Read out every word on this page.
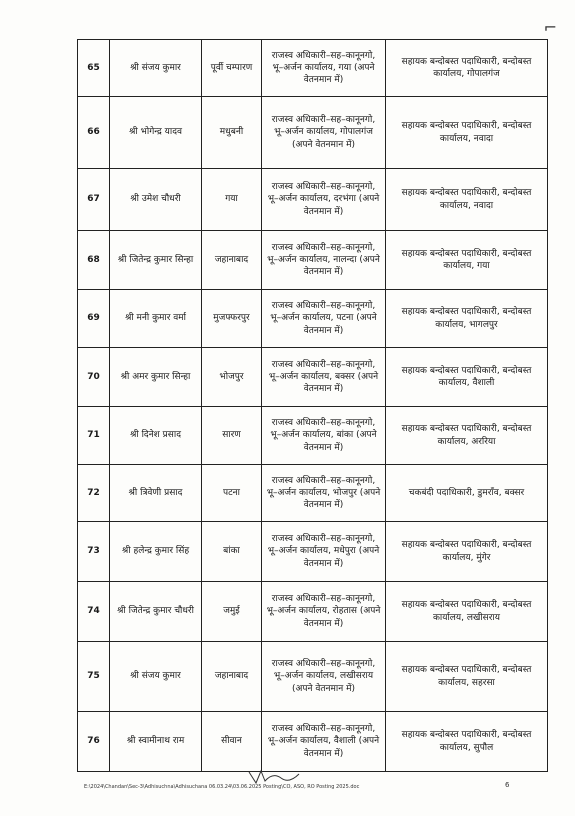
⌐
65	श्री संजय कुमार	पूर्वी चम्पारण	राजस्व अधिकारी–सह–कानूनगो, भू–अर्जन कार्यालय, गया (अपने वेतनमान में)	सहायक बन्दोबस्त पदाधिकारी, बन्दोबस्त कार्यालय, गोपालगंज
66	श्री भोगेन्द्र यादव	मधुबनी	राजस्व अधिकारी–सह–कानूनगो, भू–अर्जन कार्यालय, गोपालगंज (अपने वेतनमान में)	सहायक बन्दोबस्त पदाधिकारी, बन्दोबस्त कार्यालय, नवादा
67	श्री उमेश चौधरी	गया	राजस्व अधिकारी–सह–कानूनगो, भू–अर्जन कार्यालय, दरभंगा (अपने वेतनमान में)	सहायक बन्दोबस्त पदाधिकारी, बन्दोबस्त कार्यालय, नवादा
68	श्री जितेन्द्र कुमार सिन्हा	जहानाबाद	राजस्व अधिकारी–सह–कानूनगो, भू–अर्जन कार्यालय, नालन्दा (अपने वेतनमान में)	सहायक बन्दोबस्त पदाधिकारी, बन्दोबस्त कार्यालय, गया
69	श्री मनी कुमार वर्मा	मुजफ्फरपुर	राजस्व अधिकारी–सह–कानूनगो, भू–अर्जन कार्यालय, पटना (अपने वेतनमान में)	सहायक बन्दोबस्त पदाधिकारी, बन्दोबस्त कार्यालय, भागलपुर
70	श्री अमर कुमार सिन्हा	भोजपुर	राजस्व अधिकारी–सह–कानूनगो, भू–अर्जन कार्यालय, बक्सर (अपने वेतनमान में)	सहायक बन्दोबस्त पदाधिकारी, बन्दोबस्त कार्यालय, वैशाली
71	श्री दिनेश प्रसाद	सारण	राजस्व अधिकारी–सह–कानूनगो, भू–अर्जन कार्यालय, बांका (अपने वेतनमान में)	सहायक बन्दोबस्त पदाधिकारी, बन्दोबस्त कार्यालय, अररिया
72	श्री त्रिवेणी प्रसाद	पटना	राजस्व अधिकारी–सह–कानूनगो, भू–अर्जन कार्यालय, भोजपुर (अपने वेतनमान में)	चकबंदी पदाधिकारी, डुमराँव, बक्सर
73	श्री हलेन्द्र कुमार सिंह	बांका	राजस्व अधिकारी–सह–कानूनगो, भू–अर्जन कार्यालय, मधेपुरा (अपने वेतनमान में)	सहायक बन्दोबस्त पदाधिकारी, बन्दोबस्त कार्यालय, मुंगेर
74	श्री जितेन्द्र कुमार चौधरी	जमुई	राजस्व अधिकारी–सह–कानूनगो, भू–अर्जन कार्यालय, रोहतास (अपने वेतनमान में)	सहायक बन्दोबस्त पदाधिकारी, बन्दोबस्त कार्यालय, लखीसराय
75	श्री संजय कुमार	जहानाबाद	राजस्व अधिकारी–सह–कानूनगो, भू–अर्जन कार्यालय, लखीसराय (अपने वेतनमान में)	सहायक बन्दोबस्त पदाधिकारी, बन्दोबस्त कार्यालय, सहरसा
76	श्री स्वामीनाथ राम	सीवान	राजस्व अधिकारी–सह–कानूनगो, भू–अर्जन कार्यालय, वैशाली (अपने वेतनमान में)	सहायक बन्दोबस्त पदाधिकारी, बन्दोबस्त कार्यालय, सुपौल
E:\2024\Chandan\Sec-3\Adhisuchna\Adhisuchana 06.03.24\03.06.2025 Posting\CO, ASO, RO Posting 2025.doc	6
